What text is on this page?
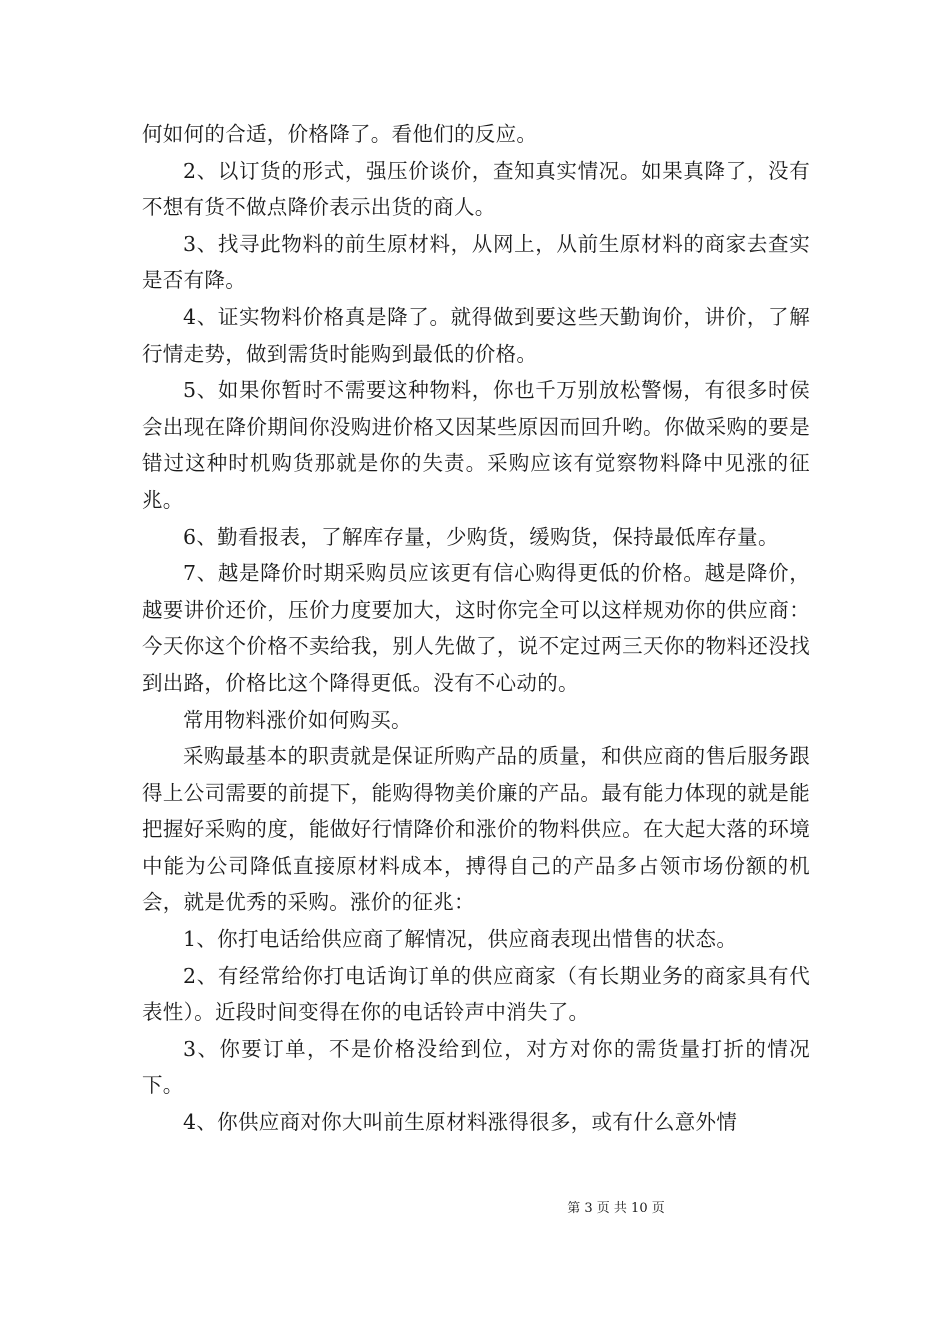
何如何的合适，价格降了。看他们的反应。

2、以订货的形式，强压价谈价，查知真实情况。如果真降了，没有不想有货不做点降价表示出货的商人。

3、找寻此物料的前生原材料，从网上，从前生原材料的商家去查实是否有降。

4、证实物料价格真是降了。就得做到要这些天勤询价，讲价，了解行情走势，做到需货时能购到最低的价格。

5、如果你暂时不需要这种物料，你也千万别放松警惕，有很多时侯会出现在降价期间你没购进价格又因某些原因而回升哟。你做采购的要是错过这种时机购货那就是你的失责。采购应该有觉察物料降中见涨的征兆。

6、勤看报表，了解库存量，少购货，缓购货，保持最低库存量。

7、越是降价时期采购员应该更有信心购得更低的价格。越是降价，越要讲价还价，压价力度要加大，这时你完全可以这样规劝你的供应商：今天你这个价格不卖给我，别人先做了，说不定过两三天你的物料还没找到出路，价格比这个降得更低。没有不心动的。

常用物料涨价如何购买。

采购最基本的职责就是保证所购产品的质量，和供应商的售后服务跟得上公司需要的前提下，能购得物美价廉的产品。最有能力体现的就是能把握好采购的度，能做好行情降价和涨价的物料供应。在大起大落的环境中能为公司降低直接原材料成本，搏得自己的产品多占领市场份额的机会，就是优秀的采购。涨价的征兆：

1、你打电话给供应商了解情况，供应商表现出惜售的状态。

2、有经常给你打电话询订单的供应商家（有长期业务的商家具有代表性）。近段时间变得在你的电话铃声中消失了。

3、你要订单，不是价格没给到位，对方对你的需货量打折的情况下。

4、你供应商对你大叫前生原材料涨得很多，或有什么意外情

第 3 页 共 10 页
